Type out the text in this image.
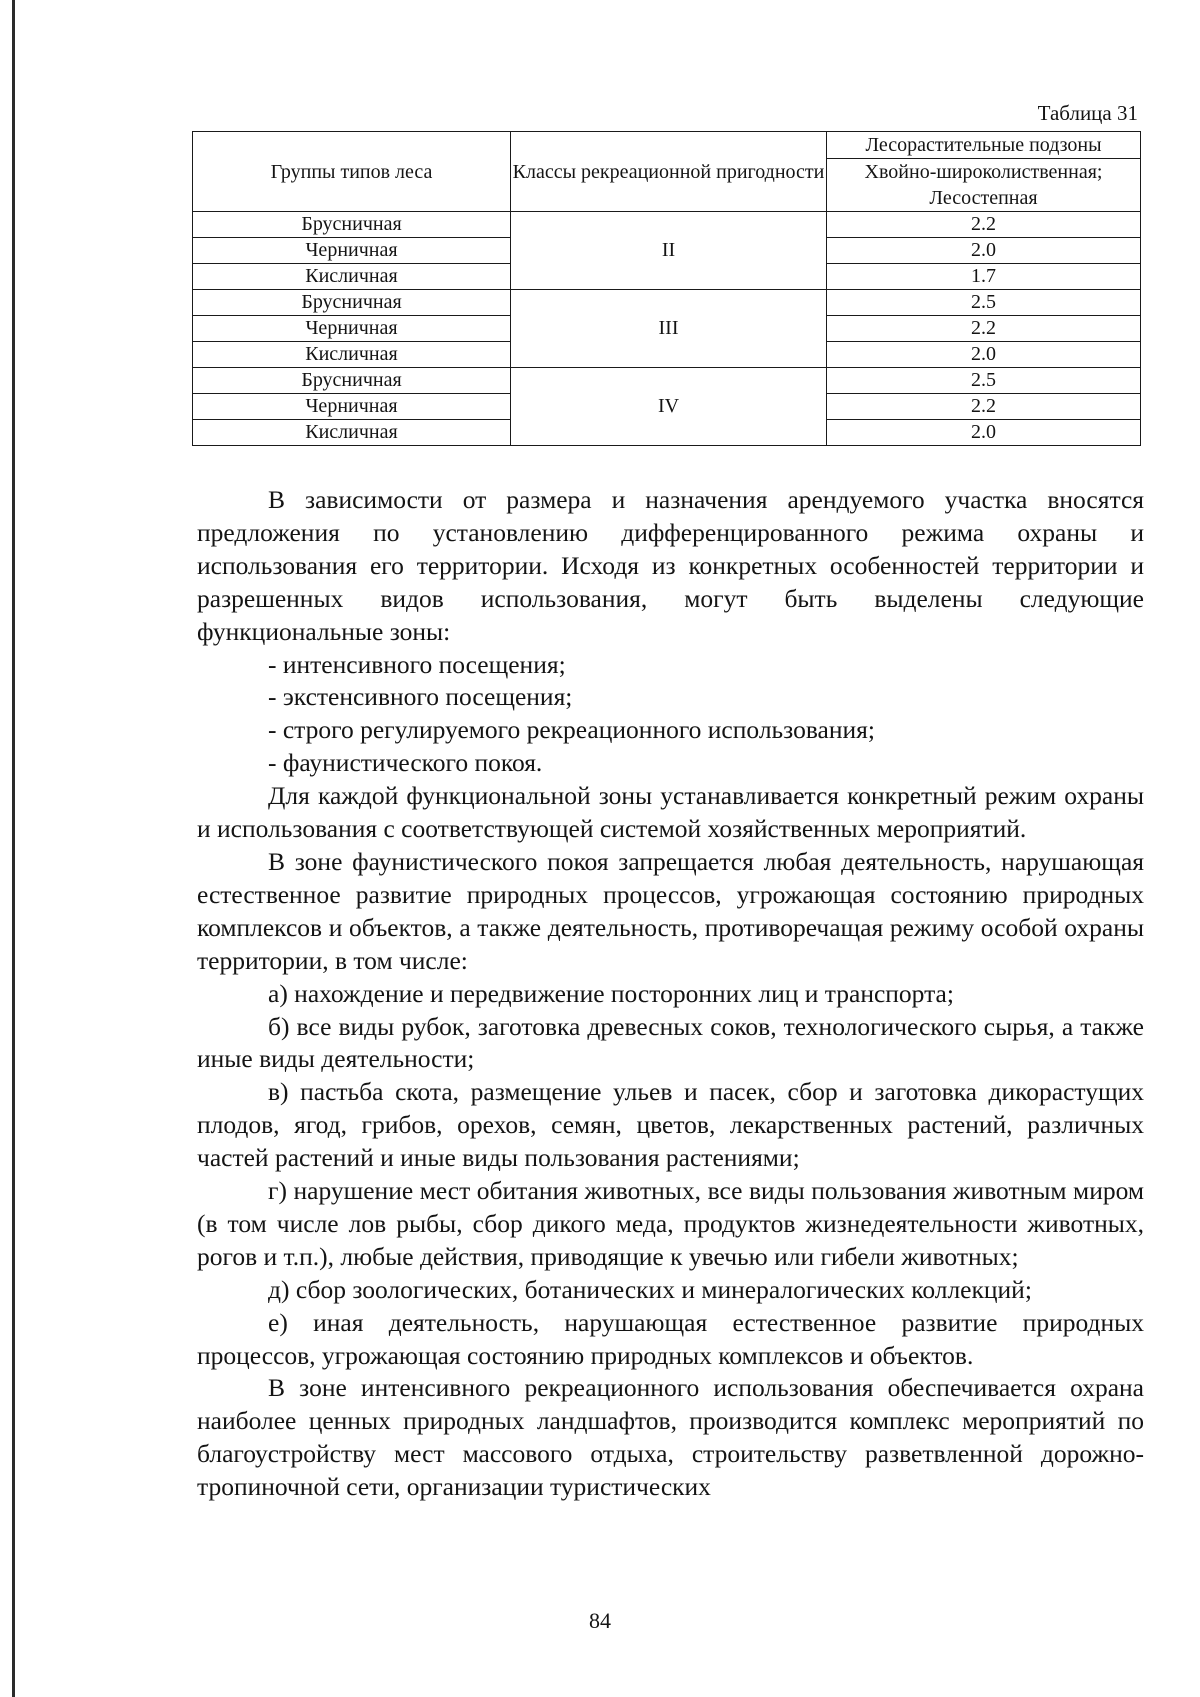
Таблица 31
Группы типов леса	Классы рекреационной пригодности	Лесорастительные подзоны
		Хвойно-широколиственная; Лесостепная
Брусничная	II	2.2
Черничная		2.0
Кисличная		1.7
Брусничная	III	2.5
Черничная		2.2
Кисличная		2.0
Брусничная	IV	2.5
Черничная		2.2
Кисличная		2.0

В зависимости от размера и назначения арендуемого участка вносятся предложения по установлению дифференцированного режима охраны и использования его территории. Исходя из конкретных особенностей территории и разрешенных видов использования, могут быть выделены следующие функциональные зоны:

- интенсивного посещения;

- экстенсивного посещения;

- строго регулируемого рекреационного использования;

- фаунистического покоя.

Для каждой функциональной зоны устанавливается конкретный режим охраны и использования с соответствующей системой хозяйственных мероприятий.

В зоне фаунистического покоя запрещается любая деятельность, нарушающая естественное развитие природных процессов, угрожающая состоянию природных комплексов и объектов, а также деятельность, противоречащая режиму особой охраны территории, в том числе:

а) нахождение и передвижение посторонних лиц и транспорта;

б) все виды рубок, заготовка древесных соков, технологического сырья, а также иные виды деятельности;

в) пастьба скота, размещение ульев и пасек, сбор и заготовка дикорастущих плодов, ягод, грибов, орехов, семян, цветов, лекарственных растений, различных частей растений и иные виды пользования растениями;

г) нарушение мест обитания животных, все виды пользования животным миром (в том числе лов рыбы, сбор дикого меда, продуктов жизнедеятельности животных, рогов и т.п.), любые действия, приводящие к увечью или гибели животных;

д) сбор зоологических, ботанических и минералогических коллекций;

е) иная деятельность, нарушающая естественное развитие природных процессов, угрожающая состоянию природных комплексов и объектов.

В зоне интенсивного рекреационного использования обеспечивается охрана наиболее ценных природных ландшафтов, производится комплекс мероприятий по благоустройству мест массового отдыха, строительству разветвленной дорожно-тропиночной сети, организации туристических

84
